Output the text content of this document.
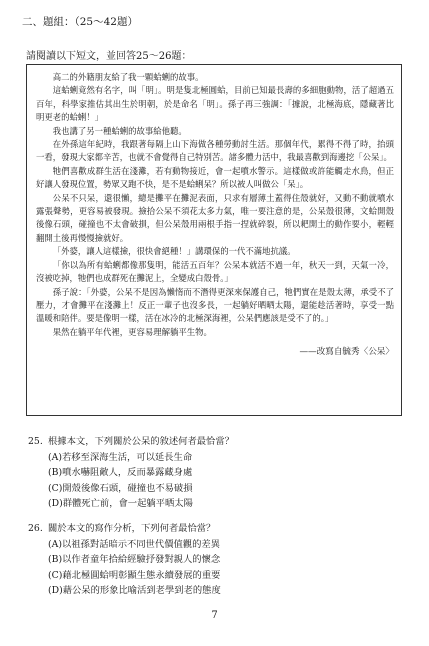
二、題組：（25～42題）
請閱讀以下短文，並回答25～26題：

高二的外籍朋友給了我一顆蛤蜊的故事。

這蛤蜊竟然有名字，叫「明」。明是隻北極圓蛤，目前已知最長壽的多細胞動物，活了超過五百年，科學家推估其出生於明朝，於是命名「明」。孫子再三強調：「據說，北極海底，隱藏著比明更老的蛤蜊！」

我也講了另一種蛤蜊的故事給他聽。

在外孫這年紀時，我跟著每隔上山下海做各種勞動討生活。那個年代，累得不得了時，抬頭一看，發現大家都辛苦，也就不會覺得自己特別苦。諸多體力活中，我最喜歡到海邊挖「公呆」。

牠們喜歡成群生活在淺灘，若有動物接近，會一起噴水警示。這樣做或許能觸走水鳥，但正好讓人發現位置，勢眾又跑不快，是不是蛤蜊呆？所以被人叫做公「呆」。

公呆不只呆，還很懶，總是攤平在攤泥表面，只求有層薄土蓋得住殼就好，又動不動就噴水露張聲勢，更容易被發現。撿拾公呆不須花太多力氣，唯一要注意的是，公呆殼很薄，文蛤開殼後像石頭，碰撞也不太會破損，但公呆殼用兩根手指一捏就碎裂，所以耙開土的動作要小，輕輕翻開土後再慢慢撿就好。

「外婆，讓人這樣撿，很快會絕種！」講環保的一代不滿地抗議。

「你以為所有蛤蜊都像那隻明，能活五百年？公呆本就活不過一年，秋天一到，天氣一冷，沒被吃掉，牠們也成群死在攤泥上，全變成白殼骨。」

孫子說：「外婆，公呆不是因為懶惰而不潛得更深來保護自己，牠們實在是殼太薄，承受不了壓力，才會攤平在淺灘上！反正一輩子也沒多長，一起躺好晒晒太陽，還能趁活著時，享受一點溫暖和陪伴。要是像明一樣，活在冰冷的北極深海裡，公呆們應該是受不了的。」

果然在躺平年代裡，更容易理解躺平生物。

——改寫自毓秀〈公呆〉
25. 根據本文，下列關於公呆的敘述何者最恰當？
(A)若移至深海生活，可以延長生命
(B)噴水嚇阻敵人，反而暴露藏身處
(C)開殼後像石頭，碰撞也不易破損
(D)群體死亡前，會一起躺平晒太陽
26. 關於本文的寫作分析，下列何者最恰當？
(A)以祖孫對話暗示不同世代價值觀的差異
(B)以作者童年拾給經驗抒發對親人的懷念
(C)藉北極圓蛤明彰顯生態永續發展的重要
(D)藉公呆的形象比喻活到老學到老的態度
7
